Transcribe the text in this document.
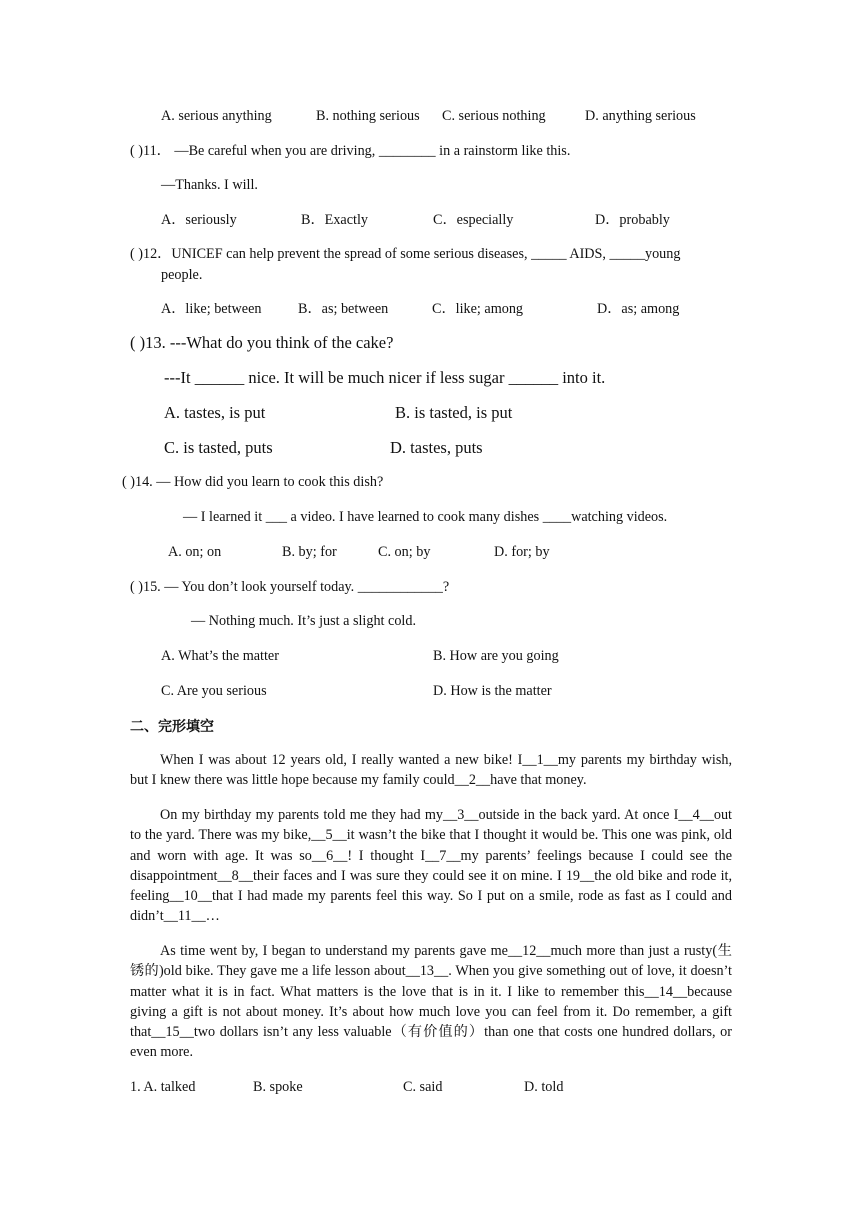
A. serious anything	B. nothing serious C. serious nothing	D. anything serious
( )11． —Be careful when you are driving, ________ in a rainstorm like this.
—Thanks. I will.
A．seriously	B．Exactly	C．especially	D．probably
( )12．UNICEF can help prevent the spread of some serious diseases, _____ AIDS, _____young
people.
A．like; between	B．as; between	C．like; among	D．as; among
( )13. ---What do you think of the cake?
---It ______ nice. It will be much nicer if less sugar ______ into it.
A. tastes, is put	B. is tasted, is put
C. is tasted, puts	D. tastes, puts
( )14. — How did you learn to cook this dish?
— I learned it ___ a video. I have learned to cook many dishes ____watching videos.
A. on; on	B. by; for	C. on; by	D. for; by
( )15. — You don’t look yourself today. ____________?
— Nothing much. It’s just a slight cold.
A. What’s the matter	B. How are you going
C. Are you serious	D. How is the matter
二、完形填空

When I was about 12 years old, I really wanted a new bike! I__1__my parents my birthday wish, but I knew there was little hope because my family could__2__have that money.

On my birthday my parents told me they had my__3__outside in the back yard. At once I__4__out to the yard. There was my bike,__5__it wasn’t the bike that I thought it would be. This one was pink, old and worn with age. It was so__6__! I thought I__7__my parents’ feelings because I could see the disappointment__8__their faces and I was sure they could see it on mine. I 19__the old bike and rode it, feeling__10__that I had made my parents feel this way. So I put on a smile, rode as fast as I could and didn’t__11__…

As time went by, I began to understand my parents gave me__12__much more than just a rusty(生锈的)old bike. They gave me a life lesson about__13__. When you give something out of love, it doesn’t matter what it is in fact. What matters is the love that is in it. I like to remember this__14__because giving a gift is not about money. It’s about how much love you can feel from it. Do remember, a gift that__15__two dollars isn’t any less valuable（有价值的）than one that costs one hundred dollars, or even more.

1. A. talked	B. spoke	C. said	D. told
